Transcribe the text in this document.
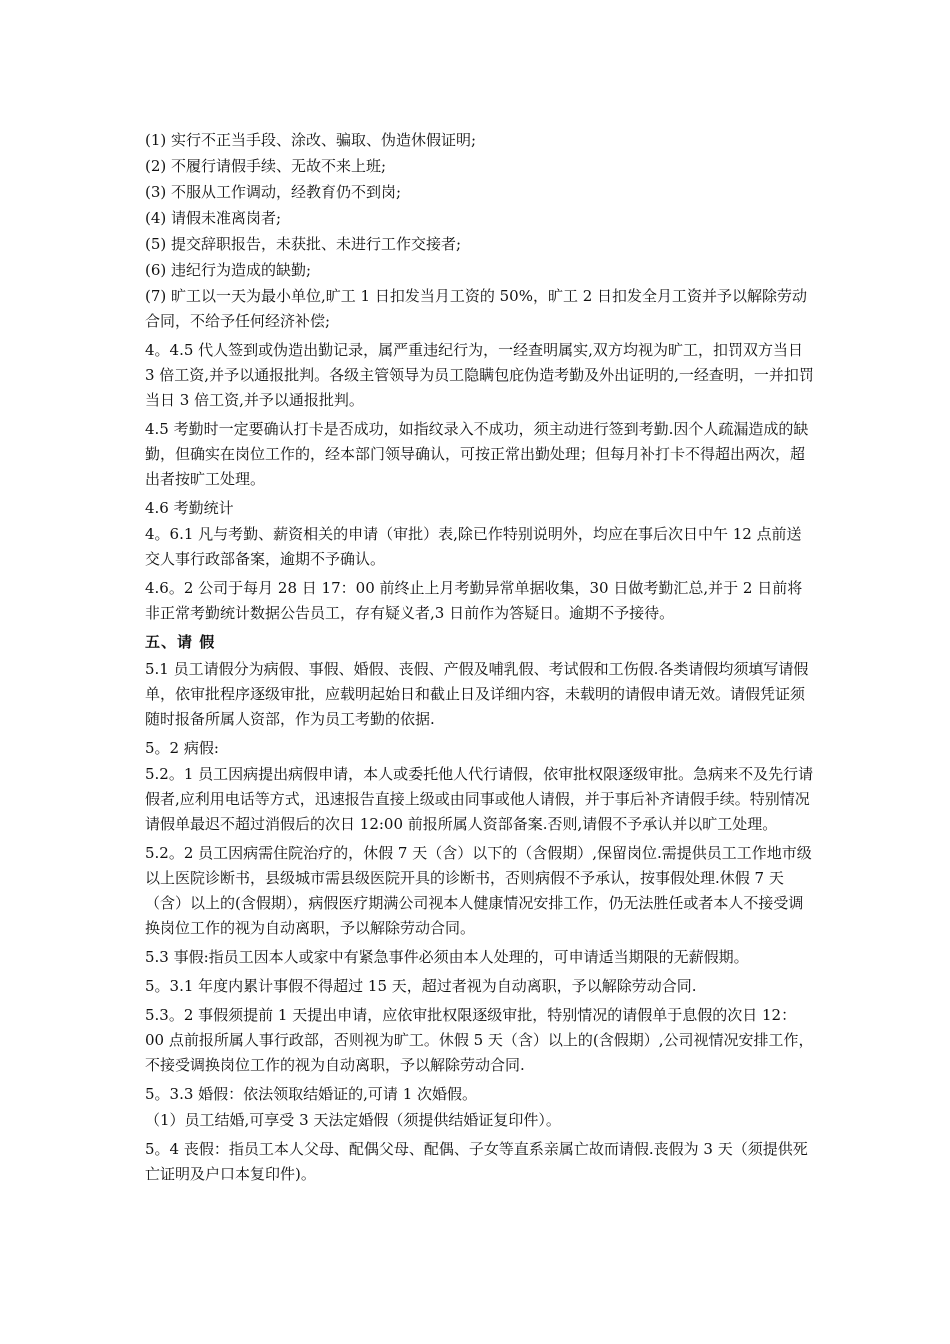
(1) 实行不正当手段、涂改、骗取、伪造休假证明;
(2) 不履行请假手续、无故不来上班;
(3) 不服从工作调动，经教育仍不到岗;
(4) 请假未准离岗者;
(5) 提交辞职报告，未获批、未进行工作交接者;
(6) 违纪行为造成的缺勤;
(7) 旷工以一天为最小单位,旷工 1 日扣发当月工资的 50%，旷工 2 日扣发全月工资并予以解除劳动合同，不给予任何经济补偿;
4。4.5 代人签到或伪造出勤记录，属严重违纪行为，一经查明属实,双方均视为旷工，扣罚双方当日 3 倍工资,并予以通报批判。各级主管领导为员工隐瞒包庇伪造考勤及外出证明的,一经查明，一并扣罚当日 3 倍工资,并予以通报批判。
4.5 考勤时一定要确认打卡是否成功，如指纹录入不成功，须主动进行签到考勤.因个人疏漏造成的缺勤，但确实在岗位工作的，经本部门领导确认，可按正常出勤处理；但每月补打卡不得超出两次，超出者按旷工处理。
4.6 考勤统计
4。6.1 凡与考勤、薪资相关的申请（审批）表,除已作特别说明外，均应在事后次日中午 12 点前送交人事行政部备案，逾期不予确认。
4.6。2 公司于每月 28 日 17：00 前终止上月考勤异常单据收集，30 日做考勤汇总,并于 2 日前将非正常考勤统计数据公告员工，存有疑义者,3 日前作为答疑日。逾期不予接待。
五、请 假
5.1 员工请假分为病假、事假、婚假、丧假、产假及哺乳假、考试假和工伤假.各类请假均须填写请假单，依审批程序逐级审批，应载明起始日和截止日及详细内容，未载明的请假申请无效。请假凭证须随时报备所属人资部，作为员工考勤的依据.
5。2 病假:
5.2。1 员工因病提出病假申请，本人或委托他人代行请假，依审批权限逐级审批。急病来不及先行请假者,应利用电话等方式，迅速报告直接上级或由同事或他人请假，并于事后补齐请假手续。特别情况请假单最迟不超过消假后的次日 12:00 前报所属人资部备案.否则,请假不予承认并以旷工处理。
5.2。2 员工因病需住院治疗的，休假 7 天（含）以下的（含假期）,保留岗位.需提供员工工作地市级以上医院诊断书，县级城市需县级医院开具的诊断书，否则病假不予承认，按事假处理.休假 7 天（含）以上的(含假期），病假医疗期满公司视本人健康情况安排工作，仍无法胜任或者本人不接受调换岗位工作的视为自动离职，予以解除劳动合同。
5.3 事假:指员工因本人或家中有紧急事件必须由本人处理的，可申请适当期限的无薪假期。
5。3.1 年度内累计事假不得超过 15 天，超过者视为自动离职，予以解除劳动合同.
5.3。2 事假须提前 1 天提出申请，应依审批权限逐级审批，特别情况的请假单于息假的次日 12：00 点前报所属人事行政部，否则视为旷工。休假 5 天（含）以上的(含假期）,公司视情况安排工作，不接受调换岗位工作的视为自动离职，予以解除劳动合同.
5。3.3 婚假：依法领取结婚证的,可请 1 次婚假。
（1）员工结婚,可享受 3 天法定婚假（须提供结婚证复印件）。
5。4 丧假：指员工本人父母、配偶父母、配偶、子女等直系亲属亡故而请假.丧假为 3 天（须提供死亡证明及户口本复印件)。
